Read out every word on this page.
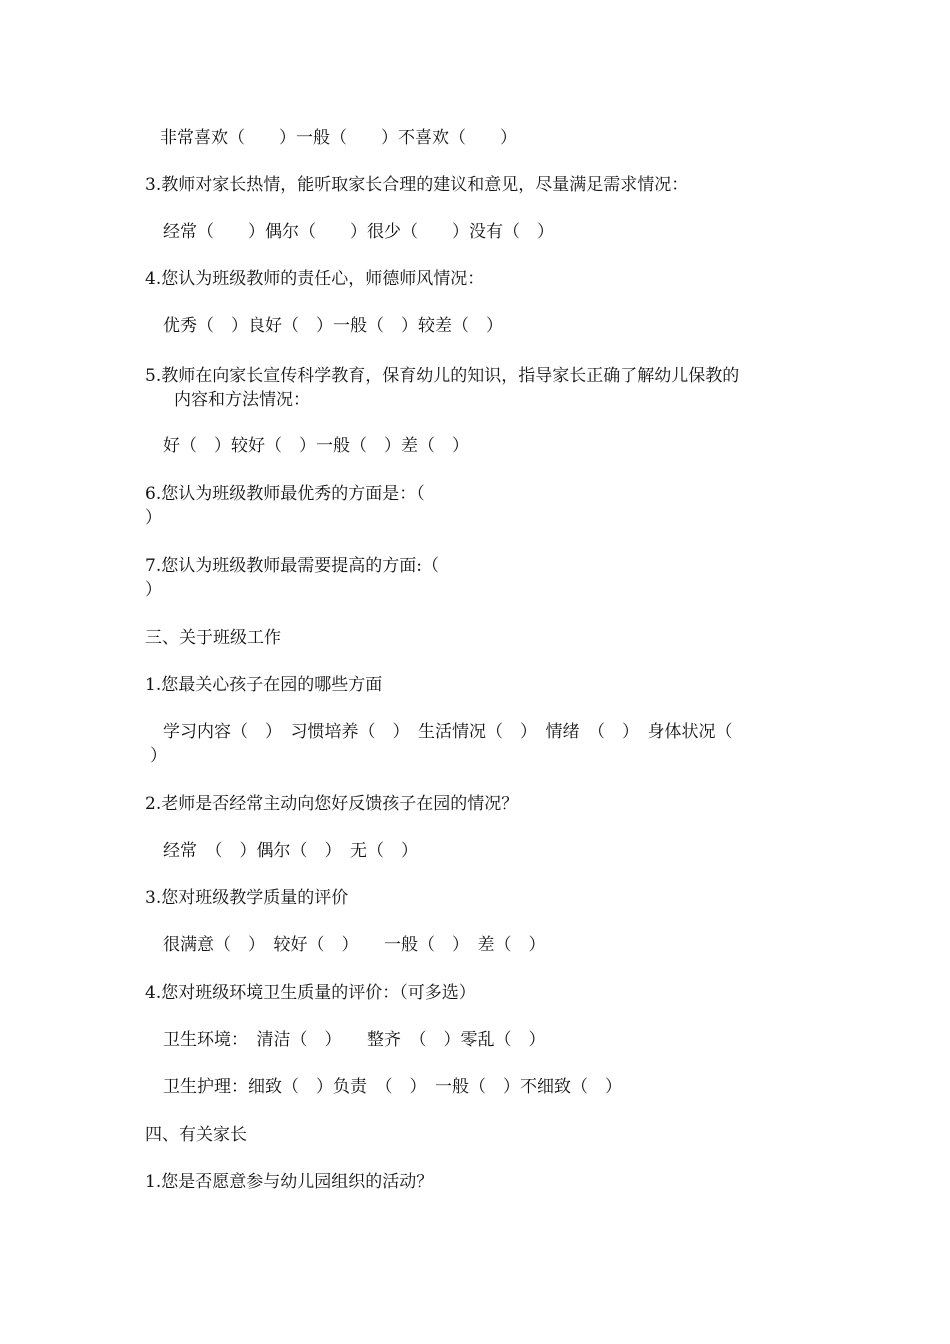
非常喜欢（　　）一般（　　）不喜欢（　　）
3.教师对家长热情，能听取家长合理的建议和意见，尽量满足需求情况：
经常（　　）偶尔（　　）很少（　　）没有（　）
4.您认为班级教师的责任心，师德师风情况：
优秀（　）良好（　）一般（　）较差（　）
5.教师在向家长宣传科学教育，保育幼儿的知识，指导家长正确了解幼儿保教的
内容和方法情况：
好（　）较好（　）一般（　）差（　）
6.您认为班级教师最优秀的方面是：（
）
7.您认为班级教师最需要提高的方面:（
）
三、关于班级工作
1.您最关心孩子在园的哪些方面
学习内容（　）　习惯培养（　）　生活情况（　）　情绪　（　）　身体状况（
）
2.老师是否经常主动向您好反馈孩子在园的情况？
经常　（　）偶尔（　）　无（　）
3.您对班级教学质量的评价
很满意（　）　较好（　）　　一般（　）　差（　）
4.您对班级环境卫生质量的评价：（可多选）
卫生环境：　清洁（　）　　整齐　（　）零乱（　）
卫生护理：细致（　）负责　（　）　一般（　）不细致（　）
四、有关家长
1.您是否愿意参与幼儿园组织的活动？
